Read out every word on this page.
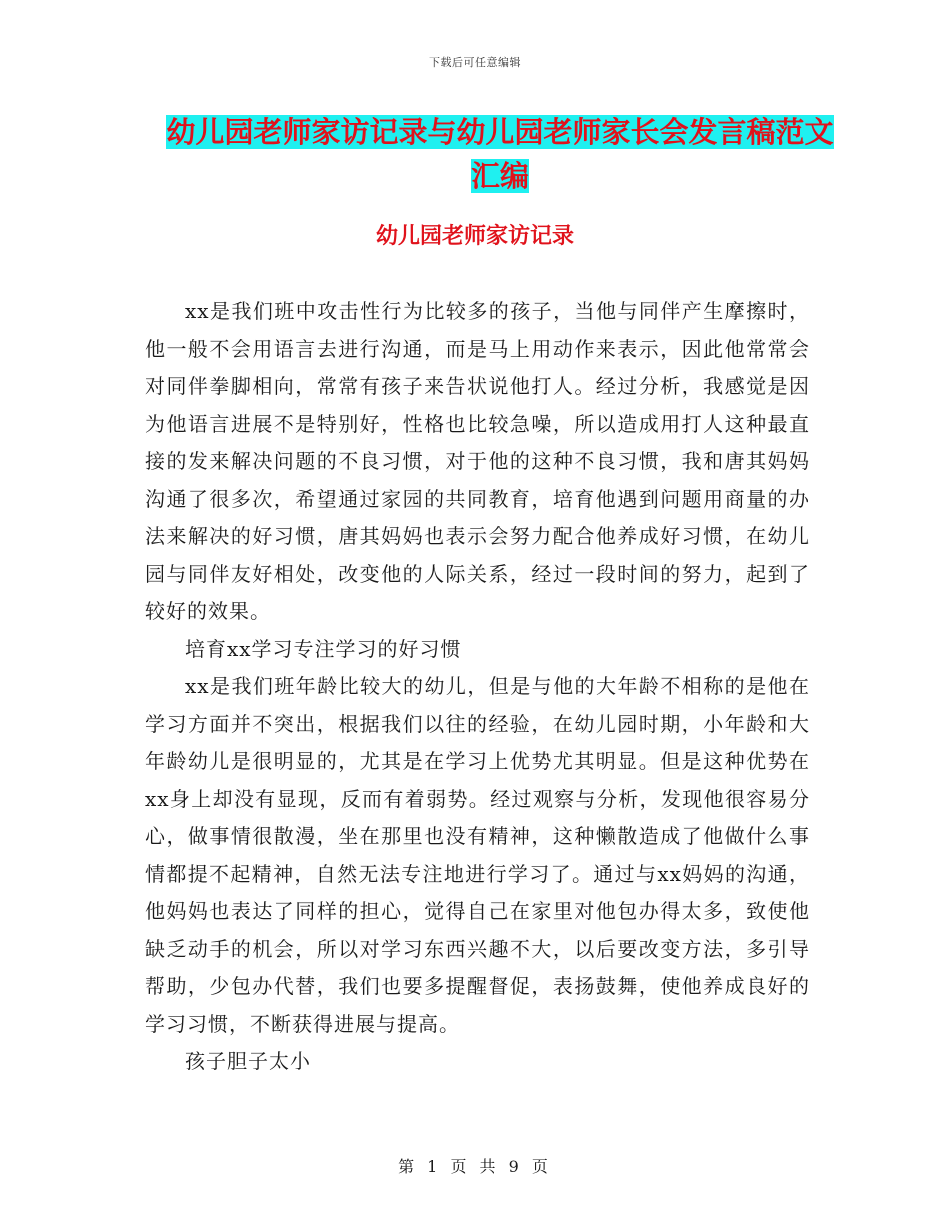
下载后可任意编辑
幼儿园老师家访记录与幼儿园老师家长会发言稿范文
汇编
幼儿园老师家访记录

xx是我们班中攻击性行为比较多的孩子，当他与同伴产生摩擦时，他一般不会用语言去进行沟通，而是马上用动作来表示，因此他常常会对同伴拳脚相向，常常有孩子来告状说他打人。经过分析，我感觉是因为他语言进展不是特别好，性格也比较急噪，所以造成用打人这种最直接的发来解决问题的不良习惯，对于他的这种不良习惯，我和唐其妈妈沟通了很多次，希望通过家园的共同教育，培育他遇到问题用商量的办法来解决的好习惯，唐其妈妈也表示会努力配合他养成好习惯，在幼儿园与同伴友好相处，改变他的人际关系，经过一段时间的努力，起到了较好的效果。

培育xx学习专注学习的好习惯

xx是我们班年龄比较大的幼儿，但是与他的大年龄不相称的是他在学习方面并不突出，根据我们以往的经验，在幼儿园时期，小年龄和大年龄幼儿是很明显的，尤其是在学习上优势尤其明显。但是这种优势在xx身上却没有显现，反而有着弱势。经过观察与分析，发现他很容易分心，做事情很散漫，坐在那里也没有精神，这种懒散造成了他做什么事情都提不起精神，自然无法专注地进行学习了。通过与xx妈妈的沟通，他妈妈也表达了同样的担心，觉得自己在家里对他包办得太多，致使他缺乏动手的机会，所以对学习东西兴趣不大，以后要改变方法，多引导帮助，少包办代替，我们也要多提醒督促，表扬鼓舞，使他养成良好的学习习惯，不断获得进展与提高。

孩子胆子太小

第 1 页 共 9 页
